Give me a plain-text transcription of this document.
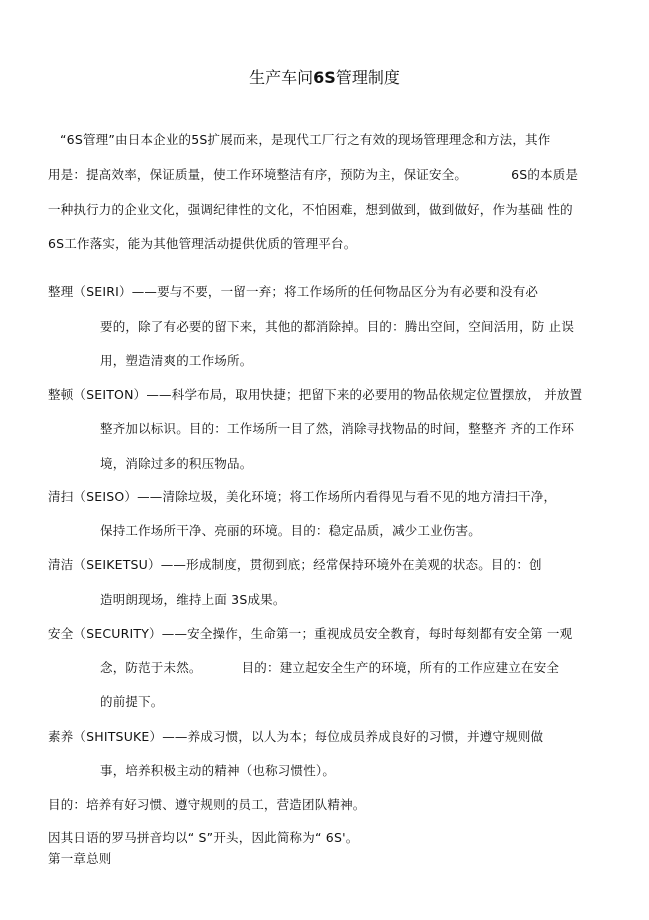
生产车问6S管理制度
“6S管理”由日本企业的5S扩展而来，是现代工厂行之有效的现场管理理念和方法，其作
用是：提高效率，保证质量，使工作环境整洁有序，预防为主，保证安全。	6S的本质是
一种执行力的企业文化，强调纪律性的文化，不怕困难，想到做到，做到做好，作为基础 性的
6S工作落实，能为其他管理活动提供优质的管理平台。
整理（SEIRI）——要与不要，一留一弃；将工作场所的任何物品区分为有必要和没有必
要的，除了有必要的留下来，其他的都消除掉。目的：腾出空间，空间活用，防 止误
用，塑造清爽的工作场所。
整顿（SEITON）——科学布局，取用快捷；把留下来的必要用的物品依规定位置摆放， 并放置
整齐加以标识。目的：工作场所一目了然，消除寻找物品的时间，整整齐 齐的工作环
境，消除过多的积压物品。
清扫（SEISO）——清除垃圾，美化环境；将工作场所内看得见与看不见的地方清扫干净，
保持工作场所干净、亮丽的环境。目的：稳定品质，减少工业伤害。
清洁（SEIKETSU）——形成制度，贯彻到底；经常保持环境外在美观的状态。目的：创
造明朗现场，维持上面 3S成果。
安全（SECURITY）——安全操作，生命第一；重视成员安全教育，每时每刻都有安全第 一观
念，防范于未然。	目的：建立起安全生产的环境，所有的工作应建立在安全
的前提下。
素养（SHITSUKE）——养成习惯，以人为本；每位成员养成良好的习惯，并遵守规则做
事，培养积极主动的精神（也称习惯性）。
目的：培养有好习惯、遵守规则的员工，营造团队精神。
因其日语的罗马拼音均以“ S”开头，因此简称为“ 6S'。
第一章总则
